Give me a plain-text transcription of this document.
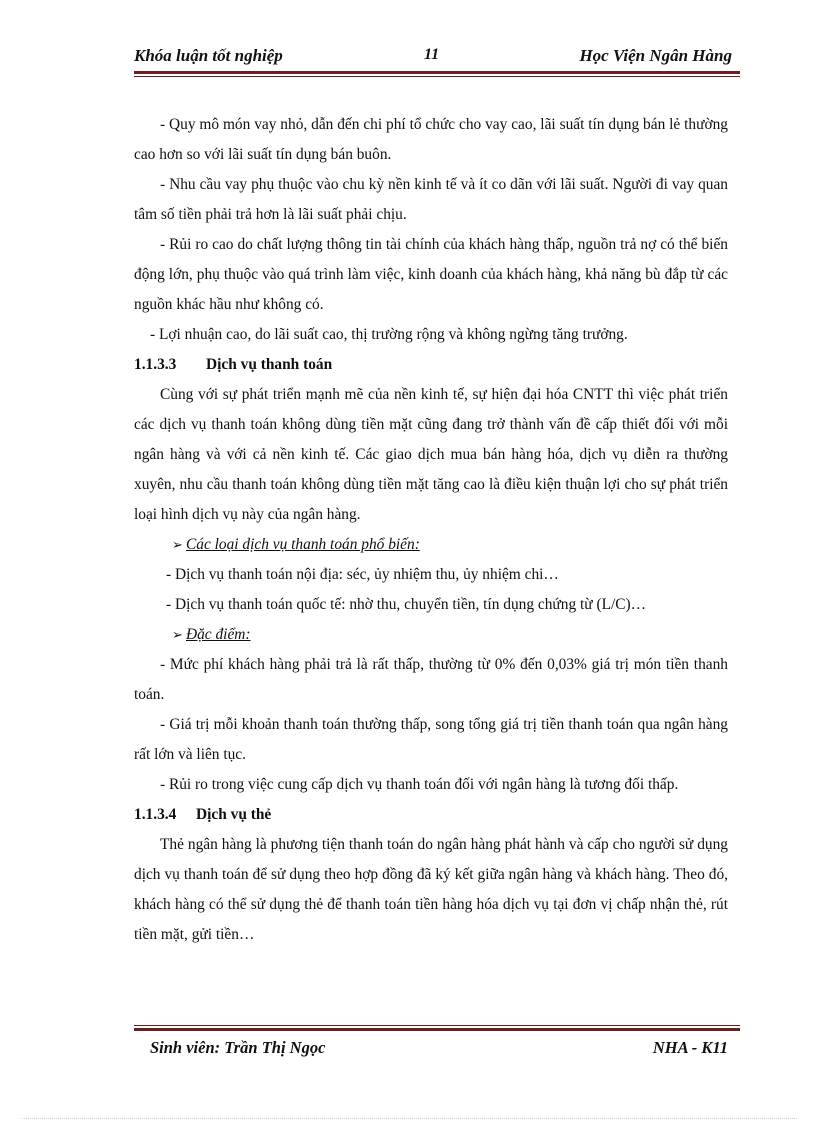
Khóa luận tốt nghiệp	11	Học Viện Ngân Hàng

- Quy mô món vay nhỏ, dẫn đến chi phí tổ chức cho vay cao, lãi suất tín dụng bán lẻ thường cao hơn so với lãi suất tín dụng bán buôn.

- Nhu cầu vay phụ thuộc vào chu kỳ nền kinh tế và ít co dãn với lãi suất. Người đi vay quan tâm số tiền phải trả hơn là lãi suất phải chịu.

- Rủi ro cao do chất lượng thông tin tài chính của khách hàng thấp, nguồn trả nợ có thể biến động lớn, phụ thuộc vào quá trình làm việc, kinh doanh của khách hàng, khả năng bù đắp từ các nguồn khác hầu như không có.

- Lợi nhuận cao, do lãi suất cao, thị trường rộng và không ngừng tăng trưởng.

1.1.3.3 Dịch vụ thanh toán

Cùng với sự phát triển mạnh mẽ của nền kinh tế, sự hiện đại hóa CNTT thì việc phát triển các dịch vụ thanh toán không dùng tiền mặt cũng đang trở thành vấn đề cấp thiết đối với mỗi ngân hàng và với cả nền kinh tế. Các giao dịch mua bán hàng hóa, dịch vụ diễn ra thường xuyên, nhu cầu thanh toán không dùng tiền mặt tăng cao là điều kiện thuận lợi cho sự phát triển loại hình dịch vụ này của ngân hàng.

➢ Các loại dịch vụ thanh toán phổ biến:

- Dịch vụ thanh toán nội địa: séc, ủy nhiệm thu, ủy nhiệm chi…

- Dịch vụ thanh toán quốc tế: nhờ thu, chuyển tiền, tín dụng chứng từ (L/C)…

➢ Đặc điểm:

- Mức phí khách hàng phải trả là rất thấp, thường từ 0% đến 0,03% giá trị món tiền thanh toán.

- Giá trị mỗi khoản thanh toán thường thấp, song tổng giá trị tiền thanh toán qua ngân hàng rất lớn và liên tục.

- Rủi ro trong việc cung cấp dịch vụ thanh toán đối với ngân hàng là tương đối thấp.

1.1.3.4 Dịch vụ thẻ

Thẻ ngân hàng là phương tiện thanh toán do ngân hàng phát hành và cấp cho người sử dụng dịch vụ thanh toán để sử dụng theo hợp đồng đã ký kết giữa ngân hàng và khách hàng. Theo đó, khách hàng có thể sử dụng thẻ để thanh toán tiền hàng hóa dịch vụ tại đơn vị chấp nhận thẻ, rút tiền mặt, gửi tiền…

Sinh viên: Trần Thị Ngọc	NHA - K11
